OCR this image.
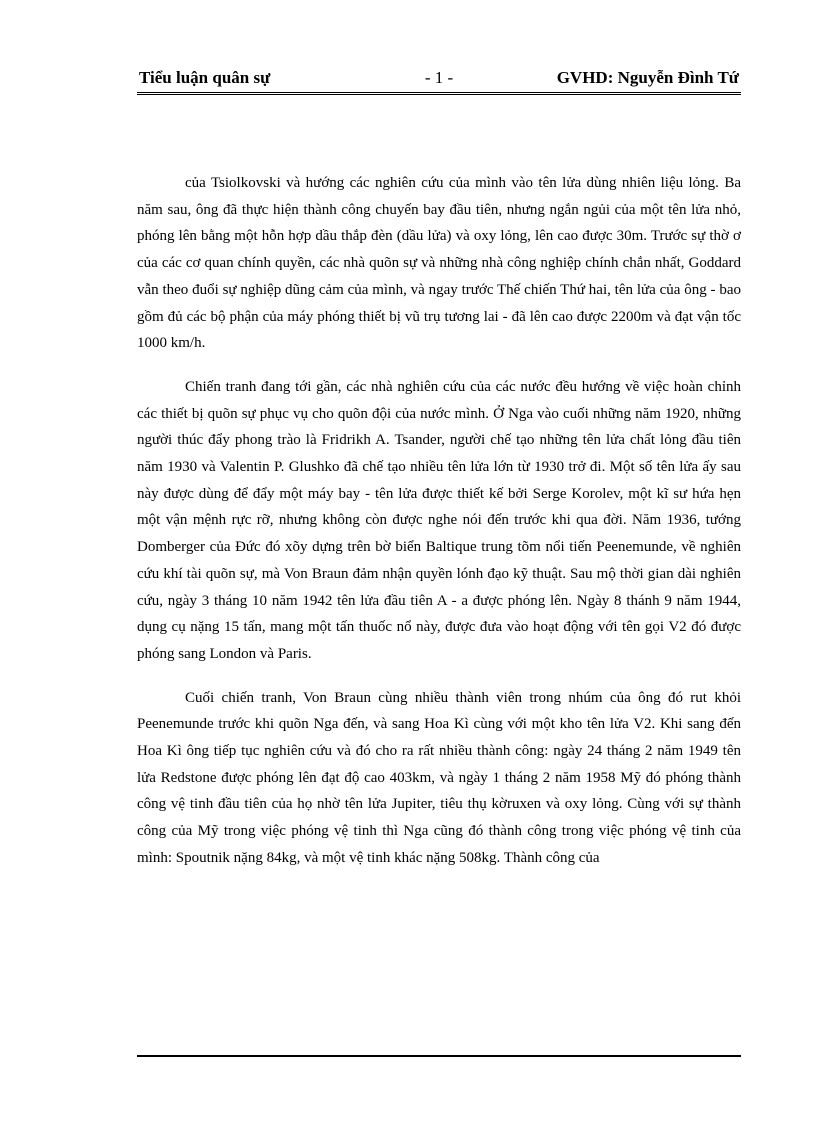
Tiểu luận quân sự	- 1 -	GVHD: Nguyễn Đình Tứ

của Tsiolkovski và hướng các nghiên cứu của mình vào tên lửa dùng nhiên liệu lỏng. Ba năm sau, ông đã thực hiện thành công chuyến bay đầu tiên, nhưng ngắn ngủi của một tên lửa nhỏ, phóng lên bằng một hỗn hợp dầu thắp đèn (dầu lửa) và oxy lỏng, lên cao được 30m. Trước sự thờ ơ của các cơ quan chính quyền, các nhà quõn sự và những nhà công nghiệp chính chắn nhất, Goddard vẫn theo đuổi sự nghiệp dũng cảm của mình, và ngay trước Thế chiến Thứ hai, tên lửa của ông - bao gồm đủ các bộ phận của máy phóng thiết bị vũ trụ tương lai - đã lên cao được 2200m và đạt vận tốc 1000 km/h.

Chiến tranh đang tới gần, các nhà nghiên cứu của các nước đều hướng về việc hoàn chỉnh các thiết bị quõn sự phục vụ cho quõn đội của nước mình. Ở Nga vào cuối những năm 1920, những người thúc đẩy phong trào là Fridrikh A. Tsander, người chế tạo những tên lửa chất lỏng đầu tiên năm 1930 và Valentin P. Glushko đã chế tạo nhiều tên lửa lớn từ 1930 trở đi. Một số tên lửa ấy sau này được dùng để đẩy một máy bay - tên lửa được thiết kế bởi Serge Korolev, một kĩ sư hứa hẹn một vận mệnh rực rỡ, nhưng không còn được nghe nói đến trước khi qua đời. Năm 1936, tướng Domberger của Đức đó xõy dựng trên bờ biển Baltique trung tõm nổi tiến Peenemunde, về nghiên cứu khí tài quõn sự, mà Von Braun đảm nhận quyền lónh đạo kỹ thuật. Sau mộ thời gian dài nghiên cứu, ngày 3 tháng 10 năm 1942 tên lửa đầu tiên A - a được phóng lên. Ngày 8 thánh 9 năm 1944, dụng cụ nặng 15 tấn, mang một tấn thuốc nổ này, được đưa vào hoạt động với tên gọi V2 đó được phóng sang London và Paris.

Cuối chiến tranh, Von Braun cùng nhiều thành viên trong nhúm của ông đó rut khỏi Peenemunde trước khi quõn Nga đến, và sang Hoa Kì cùng với một kho tên lửa V2. Khi sang đến Hoa Kì ông tiếp tục nghiên cứu và đó cho ra rất nhiều thành công: ngày 24 tháng 2 năm 1949 tên lửa Redstone được phóng lên đạt độ cao 403km, và ngày 1 tháng 2 năm 1958 Mỹ đó phóng thành công vệ tinh đầu tiên của họ nhờ tên lửa Jupiter, tiêu thụ kờruxen và oxy lỏng. Cùng với sự thành công của Mỹ trong việc phóng vệ tinh thì Nga cũng đó thành công trong việc phóng vệ tinh của mình: Spoutnik nặng 84kg, và một vệ tinh khác nặng 508kg. Thành công của
